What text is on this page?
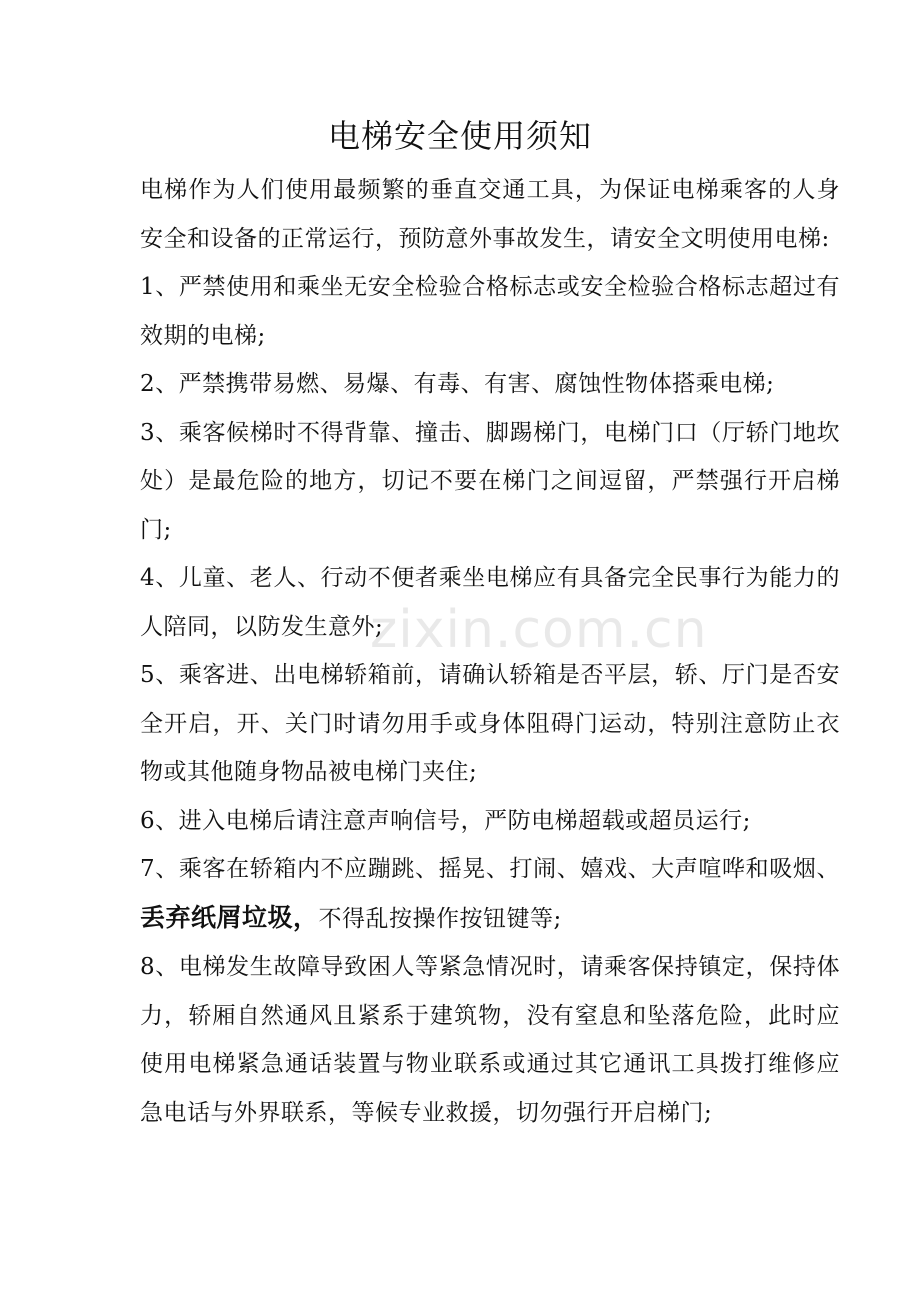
电梯安全使用须知

电梯作为人们使用最频繁的垂直交通工具，为保证电梯乘客的人身安全和设备的正常运行，预防意外事故发生，请安全文明使用电梯:

1、严禁使用和乘坐无安全检验合格标志或安全检验合格标志超过有效期的电梯;

2、严禁携带易燃、易爆、有毒、有害、腐蚀性物体搭乘电梯;

3、乘客候梯时不得背靠、撞击、脚踢梯门，电梯门口（厅轿门地坎处）是最危险的地方，切记不要在梯门之间逗留，严禁强行开启梯门;

4、儿童、老人、行动不便者乘坐电梯应有具备完全民事行为能力的人陪同，以防发生意外;

5、乘客进、出电梯轿箱前，请确认轿箱是否平层，轿、厅门是否安全开启，开、关门时请勿用手或身体阻碍门运动，特别注意防止衣物或其他随身物品被电梯门夹住;

6、进入电梯后请注意声响信号，严防电梯超载或超员运行;

7、乘客在轿箱内不应蹦跳、摇晃、打闹、嬉戏、大声喧哗和吸烟、丢弃纸屑垃圾，不得乱按操作按钮键等;

8、电梯发生故障导致困人等紧急情况时，请乘客保持镇定，保持体力，轿厢自然通风且紧系于建筑物，没有窒息和坠落危险，此时应使用电梯紧急通话装置与物业联系或通过其它通讯工具拨打维修应急电话与外界联系，等候专业救援，切勿强行开启梯门;

zixin.com.cn
